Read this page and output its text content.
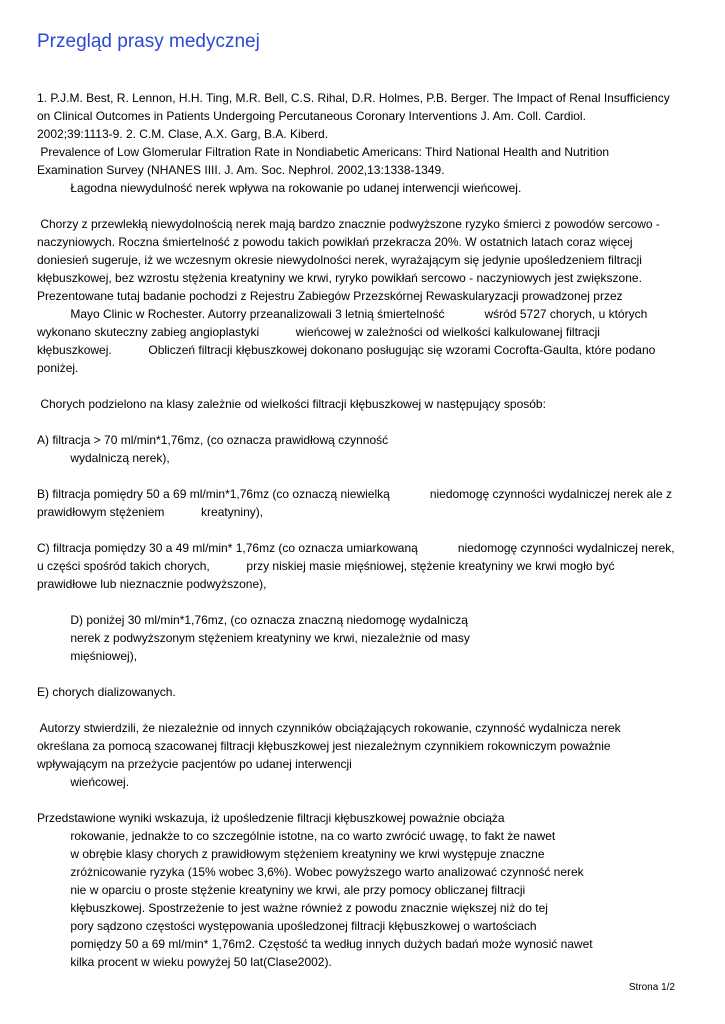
Przegląd prasy medycznej
1. P.J.M. Best, R. Lennon, H.H. Ting, M.R. Bell, C.S. Rihal, D.R. Holmes, P.B. Berger. The Impact of Renal Insufficiency
on Clinical Outcomes in Patients Undergoing Percutaneous Coronary Interventions J. Am. Coll. Cardiol.
2002;39:1113-9. 2. C.M. Clase, A.X. Garg, B.A. Kiberd.
Prevalence of Low Glomerular Filtration Rate in Nondiabetic Americans: Third National Health and Nutrition
Examination Survey (NHANES IIII. J. Am. Soc. Nephrol. 2002,13:1338-1349.
Łagodna niewydulność nerek wpływa na rokowanie po udanej interwencji wieńcowej.
Chorzy z przewlekłą niewydolnością nerek mają bardzo znacznie podwyższone ryzyko śmierci z powodów sercowo -
naczyniowych. Roczna śmiertelność z powodu takich powikłań przekracza 20%. W ostatnich latach coraz więcej
doniesień sugeruje, iż we wczesnym okresie niewydolności nerek, wyrażającym się jedynie upośledzeniem filtracji
kłębuszkowej, bez wzrostu stężenia kreatyniny we krwi, ryryko powikłań sercowo - naczyniowych jest zwiększone.
Prezentowane tutaj badanie pochodzi z Rejestru Zabiegów Przezskórnej Rewaskularyzacji prowadzonej przez
Mayo Clinic w Rochester. Autorry przeanalizowali 3 letnią śmiertelność            wśród 5727 chorych, u których
wykonano skuteczny zabieg angioplastyki           wieńcowej w zależności od wielkości kalkulowanej filtracji
kłębuszkowej.           Obliczeń filtracji kłębuszkowej dokonano posługując się wzorami Cocrofta-Gaulta, które podano
poniżej.
Chorych podzielono na klasy zależnie od wielkości filtracji kłębuszkowej w następujący sposób:
A) filtracja > 70 ml/min*1,76mz, (co oznacza prawidłową czynność
wydalniczą nerek),
B) filtracja pomiędry 50 a 69 ml/min*1,76mz (co oznaczą niewielką            niedomogę czynności wydalniczej nerek ale z
prawidłowym stężeniem           kreatyniny),
C) filtracja pomiędzy 30 a 49 ml/min* 1,76mz (co oznacza umiarkowaną            niedomogę czynności wydalniczej nerek,
u części spośród takich chorych,           przy niskiej masie mięśniowej, stężenie kreatyniny we krwi mogło być
prawidłowe lub nieznacznie podwyższone),
D) poniżej 30 ml/min*1,76mz, (co oznacza znaczną niedomogę wydalniczą
nerek z podwyższonym stężeniem kreatyniny we krwi, niezależnie od masy
mięśniowej),
E) chorych dializowanych.
Autorzy stwierdzili, że niezależnie od innych czynników obciążających rokowanie, czynność wydalnicza nerek
określana za pomocą szacowanej filtracji kłębuszkowej jest niezależnym czynnikiem rokowniczym poważnie
wpływającym na przeżycie pacjentów po udanej interwencji
wieńcowej.
Przedstawione wyniki wskazuja, iż upośledzenie filtracji kłębuszkowej poważnie obciąża
rokowanie, jednakże to co szczególnie istotne, na co warto zwrócić uwagę, to fakt że nawet
w obrębie klasy chorych z prawidłowym stężeniem kreatyniny we krwi występuje znaczne
zróżnicowanie ryzyka (15% wobec 3,6%). Wobec powyższego warto analizować czynność nerek
nie w oparciu o proste stężenie kreatyniny we krwi, ale przy pomocy obliczanej filtracji
kłębuszkowej. Spostrzeżenie to jest ważne również z powodu znacznie większej niż do tej
pory sądzono częstości występowania upośledzonej filtracji kłębuszkowej o wartościach
pomiędzy 50 a 69 ml/min* 1,76m2. Częstość ta według innych dużych badań może wynosić nawet
kilka procent w wieku powyżej 50 lat(Clase2002).
Strona 1/2
